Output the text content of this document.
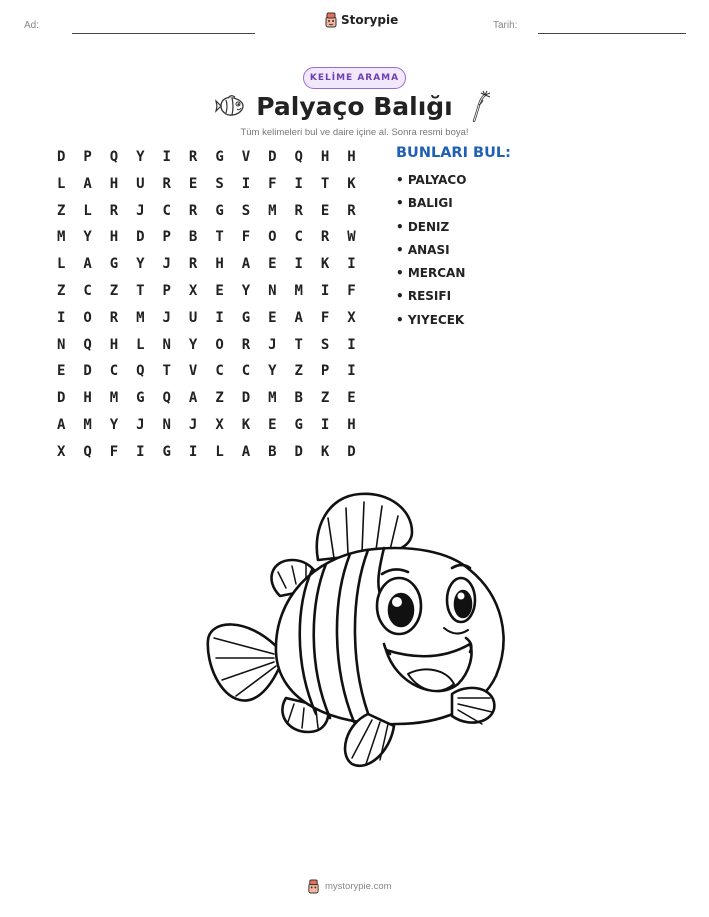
Ad:	Storypie	Tarih:
KELİME ARAMA
Palyaço Balığı
Tüm kelimeleri bul ve daire içine al. Sonra resmi boya!
D	P	Q	Y	I	R	G	V	D	Q	H	H
L	A	H	U	R	E	S	I	F	I	T	K
Z	L	R	J	C	R	G	S	M	R	E	R
M	Y	H	D	P	B	T	F	O	C	R	W
L	A	G	Y	J	R	H	A	E	I	K	I
Z	C	Z	T	P	X	E	Y	N	M	I	F
I	O	R	M	J	U	I	G	E	A	F	X
N	Q	H	L	N	Y	O	R	J	T	S	I
E	D	C	Q	T	V	C	C	Y	Z	P	I
D	H	M	G	Q	A	Z	D	M	B	Z	E
A	M	Y	J	N	J	X	K	E	G	I	H
X	Q	F	I	G	I	L	A	B	D	K	D
BUNLARI BUL:
• PALYACO
• BALIGI
• DENIZ
• ANASI
• MERCAN
• RESIFI
• YIYECEK
mystorypie.com
